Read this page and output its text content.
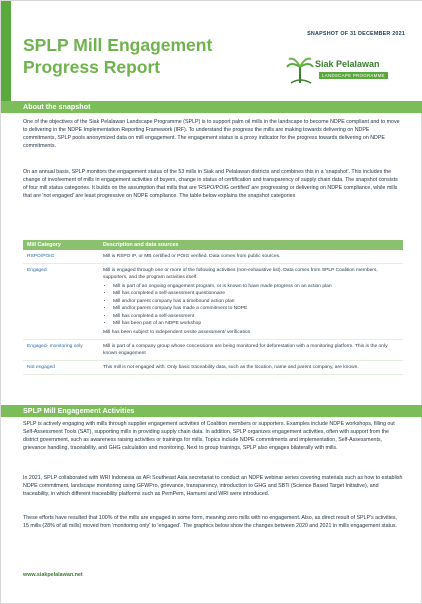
SNAPSHOT OF 31 DECEMBER 2021
SPLP Mill Engagement
Progress Report	Siak Pelalawan
LANDSCAPE PROGRAMME
About the snapshot
One of the objectives of the Siak Pelalawan Landscape Programme (SPLP) is to support palm oil mills in the landscape to become NDPE compliant and to move to delivering in the NDPE Implementation Reporting Framework (IRF). To understand the progress the mills are making towards delivering on NDPE commitments, SPLP pools anonymized data on mill engagement. The engagement status is a proxy indicator for the progress towards delivering on NDPE commitments.
On an annual basis, SPLP monitors the engagement status of the 53 mills in Siak and Pelalawan districts and combines this in a 'snapshot'. This includes the change of involvement of mills in engagement activities of buyers, change in status of certification and transparency of supply chain data. The snapshot consists of four mill status categories. It builds on the assumption that mills that are 'RSPO/POIG certified' are progressing or delivering on NDPE compliance, while mills that are 'not engaged' are least progressive on NDPE compliance. The table below explains the snapshot categories
Mill Category	Description and data sources
RSPO/POIG	Mill is RSPO IP, or MB certified or POIG verified. Data comes from public sources.
Engaged	Mill is engaged through one or more of the following activities (non-exhaustive list). Data comes from SPLP Coalition members, supporters, and the program activities itself.
• Mill is part of an ongoing engagement program, or is known to have made progress on an action plan
• Mill has completed a self-assessment questionnaire
• Mill and/or parent company has a timebound action plan
• Mill and/or parent company has made a commitment to NDPE
• Mill has completed a self-assessment
• Mill has been part of an NDPE workshop
Mill has been subject to independent onsite assessment/ verification
Engaged- monitoring only	Mill is part of a company group whose concessions are being monitored for deforestation with a monitoring platform. This is the only known engagement
Not engaged	This mill is not engaged with. Only basic traceability data, such as the location, name and parent company, are known.
SPLP Mill Engagement Activities
SPLP is actively engaging with mills through supplier engagement activities of Coalition members or supporters. Examples include NDPE workshops, filling out Self-Assessment Tools (SAT), supporting mills in providing supply chain data. In addition, SPLP organizes engagement activities, often with support from the district government, such as awareness raising activities or trainings for mills. Topics include NDPE commitments and implementation, Self-Assessments, grievance handling, traceability, and GHG calculation and monitoring. Next to group trainings, SPLP also engages bilaterally with mills.
In 2021, SPLP collaborated with WRI Indonesia as AFi Southeast Asia secretariat to conduct an NDPE webinar series covering materials such as how to establish NDPE commitment, landscape monitoring using GFWPro, grievance, transparency, introduction to GHG and SBTi (Science Based Target Initiative), and traceability, in which different traceability platforms such as PemPem, Hamurni and WRI were introduced.
These efforts have resulted that 100% of the mills are engaged in some form, meaning zero mills with no engagement. Also, as direct result of SPLP's activities, 15 mills (28% of all mills) moved from 'monitoring only' to 'engaged'. The graphics below show the changes between 2020 and 2021 in mills engagement status.
www.siakpelalawan.net
